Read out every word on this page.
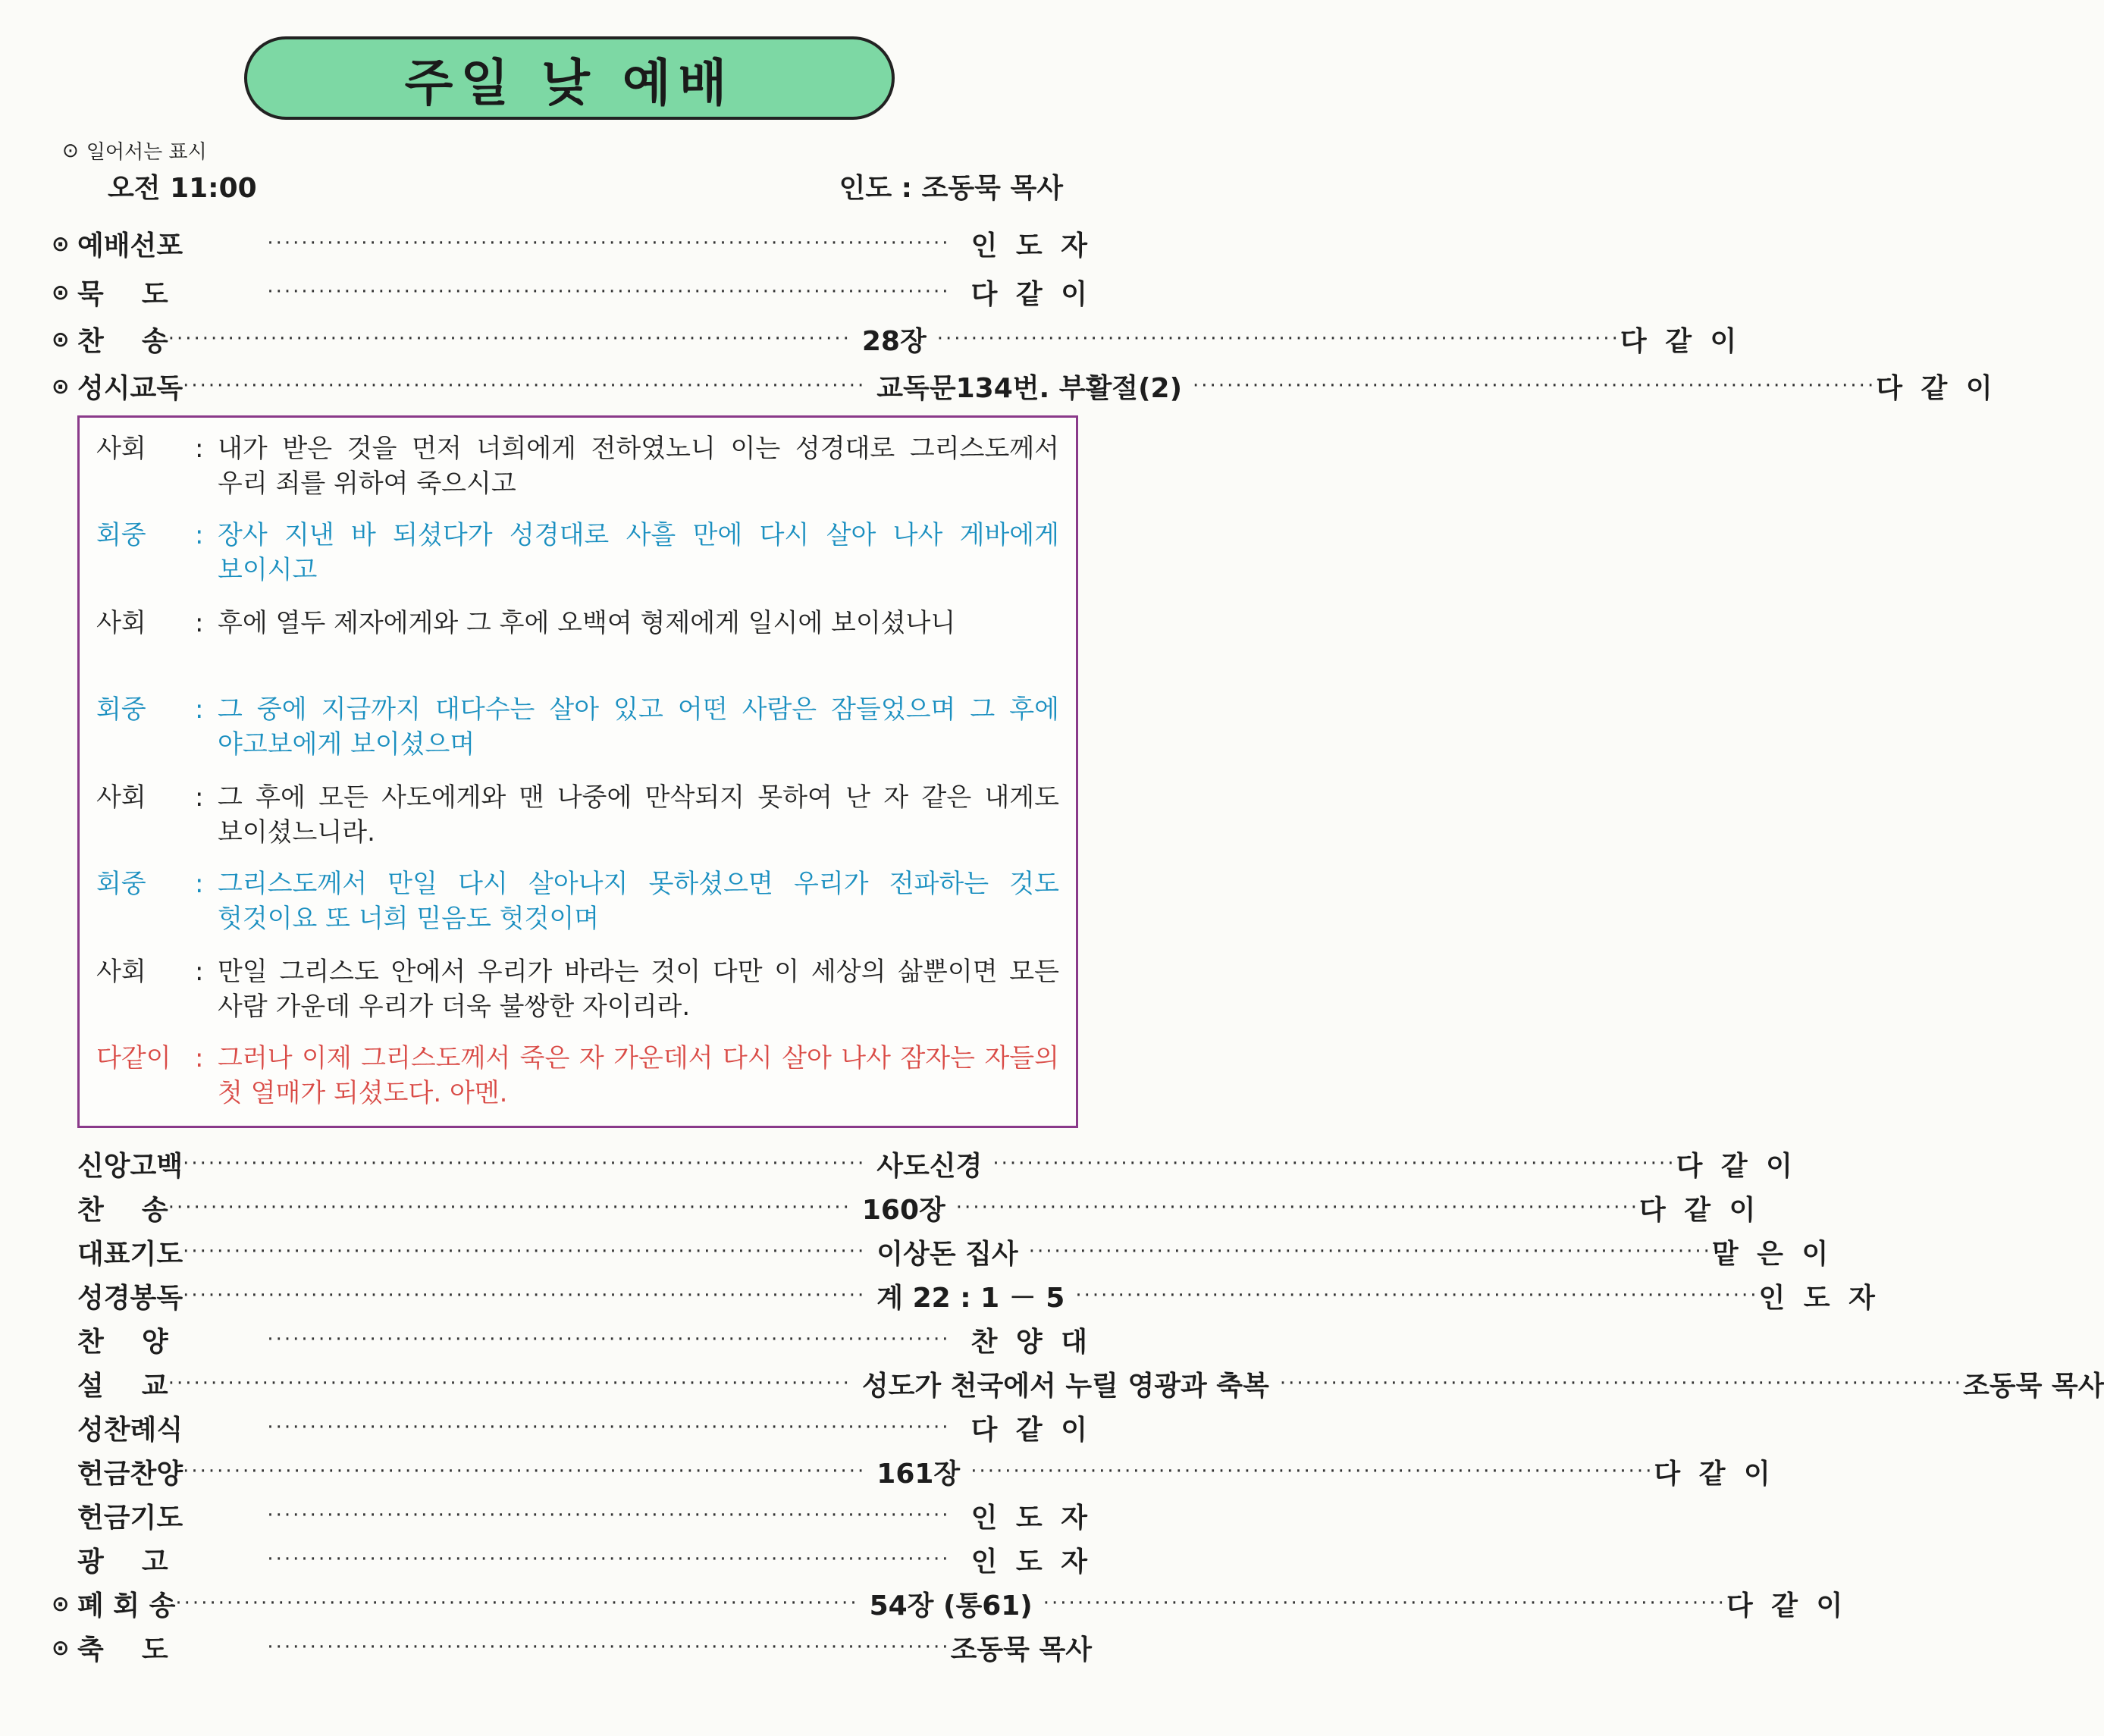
주일 낮 예배
⊙ 일어서는 표시
오전 11:00	인도 : 조동묵 목사
⊙ 예배선포	················································································ 인 도 자
⊙ 묵    도	················································································ 다 같 이
⊙ 찬    송 ················································································ 28장 ················································································ 다 같 이
⊙ 성시교독 ················································································ 교독문134번. 부활절(2) ················································································ 다 같 이
사회	: 내가 받은 것을 먼저 너희에게 전하였노니 이는 성경대로 그리스도께서 우리 죄를 위하여 죽으시고
회중	: 장사 지낸 바 되셨다가 성경대로 사흘 만에 다시 살아 나사 게바에게 보이시고
사회	: 후에 열두 제자에게와 그 후에 오백여 형제에게 일시에 보이셨나니
회중	: 그 중에 지금까지 대다수는 살아 있고 어떤 사람은 잠들었으며 그 후에 야고보에게 보이셨으며
사회	: 그 후에 모든 사도에게와 맨 나중에 만삭되지 못하여 난 자 같은 내게도 보이셨느니라.
회중	: 그리스도께서 만일 다시 살아나지 못하셨으면 우리가 전파하는 것도 헛것이요 또 너희 믿음도 헛것이며
사회	: 만일 그리스도 안에서 우리가 바라는 것이 다만 이 세상의 삶뿐이면 모든 사람 가운데 우리가 더욱 불쌍한 자이리라.
다같이 : 그러나 이제 그리스도께서 죽은 자 가운데서 다시 살아 나사 잠자는 자들의 첫 열매가 되셨도다. 아멘.
신앙고백 ················································································ 사도신경 ················································································ 다 같 이
찬    송 ················································································ 160장 ················································································ 다 같 이
대표기도 ················································································ 이상돈 집사 ················································································ 맡 은 이
성경봉독 ················································································ 계 22 : 1 － 5 ················································································ 인 도 자
찬    양	················································································ 찬 양 대
설    교 ················································································ 성도가 천국에서 누릴 영광과 축복 ················································································ 조동묵 목사
성찬례식	················································································ 다 같 이
헌금찬양 ················································································ 161장 ················································································ 다 같 이
헌금기도	················································································ 인 도 자
광    고	················································································ 인 도 자
⊙ 폐 회 송 ················································································ 54장 (통61) ················································································ 다 같 이
⊙ 축    도	················································································ 조동묵 목사
